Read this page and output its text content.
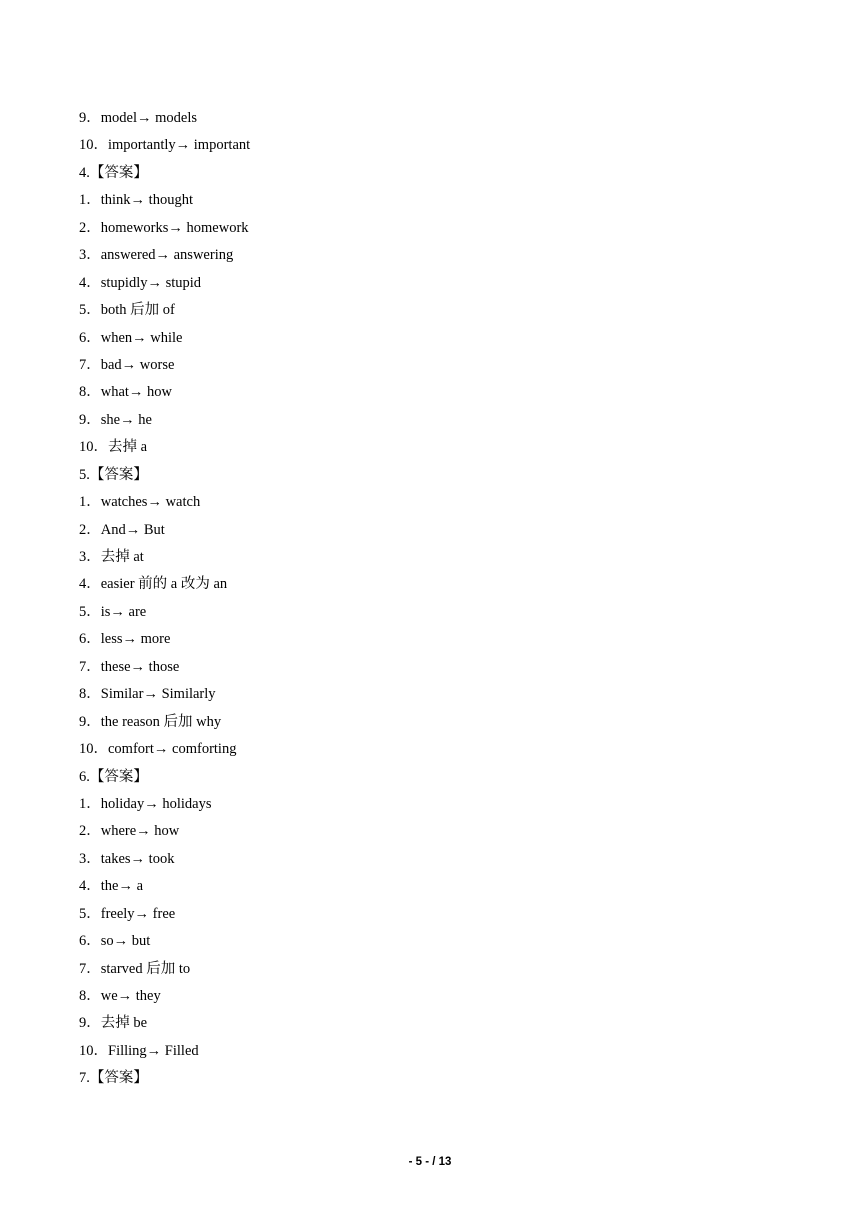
9．model→ models
10．importantly→ important
4.【答案】
1．think→ thought
2．homeworks→ homework
3．answered→ answering
4．stupidly→ stupid
5．both 后加 of
6．when→ while
7．bad→ worse
8．what→ how
9．she→ he
10．去掉 a
5.【答案】
1．watches→ watch
2．And→ But
3．去掉 at
4．easier 前的 a 改为 an
5．is→ are
6．less→ more
7．these→ those
8．Similar→ Similarly
9．the reason 后加 why
10．comfort→ comforting
6.【答案】
1．holiday→ holidays
2．where→ how
3．takes→ took
4．the→ a
5．freely→ free
6．so→ but
7．starved 后加 to
8．we→ they
9．去掉 be
10．Filling→ Filled
7.【答案】
- 5 - / 13
